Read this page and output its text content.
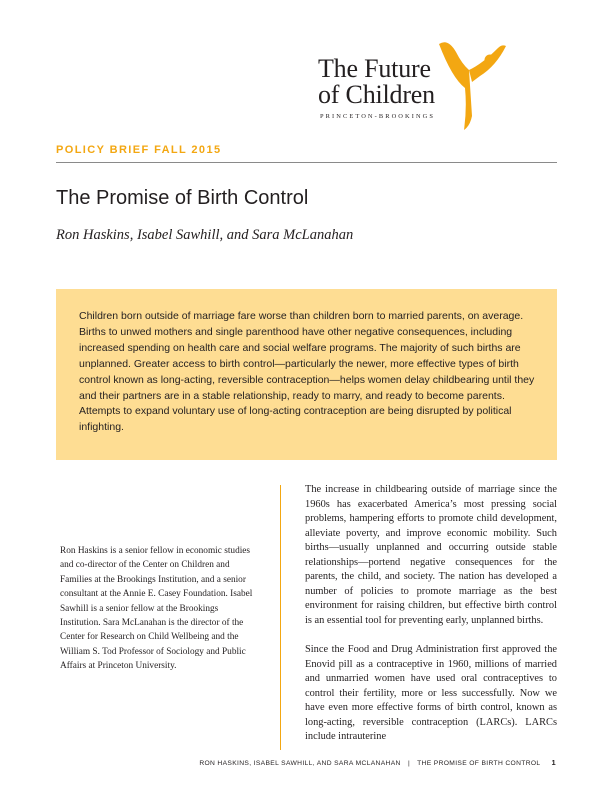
The Future
of Children
PRINCETON-BROOKINGS
POLICY BRIEF FALL 2015
The Promise of Birth Control
Ron Haskins, Isabel Sawhill, and Sara McLanahan

Children born outside of marriage fare worse than children born to married parents, on average. Births to unwed mothers and single parenthood have other negative consequences, including increased spending on health care and social welfare programs. The majority of such births are unplanned. Greater access to birth control—particularly the newer, more effective types of birth control known as long-acting, reversible contraception—helps women delay childbearing until they and their partners are in a stable relationship, ready to marry, and ready to become parents. Attempts to expand voluntary use of long-acting contraception are being disrupted by political infighting.

Ron Haskins is a senior fellow in economic studies and co-director of the Center on Children and Families at the Brookings Institution, and a senior consultant at the Annie E. Casey Foundation. Isabel Sawhill is a senior fellow at the Brookings Institution. Sara McLanahan is the director of the Center for Research on Child Wellbeing and the William S. Tod Professor of Sociology and Public Affairs at Princeton University.

The increase in childbearing outside of marriage since the 1960s has exacerbated America’s most pressing social problems, hampering efforts to promote child development, alleviate poverty, and improve economic mobility. Such births—usually unplanned and occurring outside stable relationships—portend negative consequences for the parents, the child, and society. The nation has developed a number of policies to promote marriage as the best environment for raising children, but effective birth control is an essential tool for preventing early, unplanned births.

Since the Food and Drug Administration first approved the Enovid pill as a contraceptive in 1960, millions of married and unmarried women have used oral contraceptives to control their fertility, more or less successfully. Now we have even more effective forms of birth control, known as long-acting, reversible contraception (LARCs). LARCs include intrauterine

RON HASKINS, ISABEL SAWHILL, AND SARA MCLANAHAN | THE PROMISE OF BIRTH CONTROL 1
